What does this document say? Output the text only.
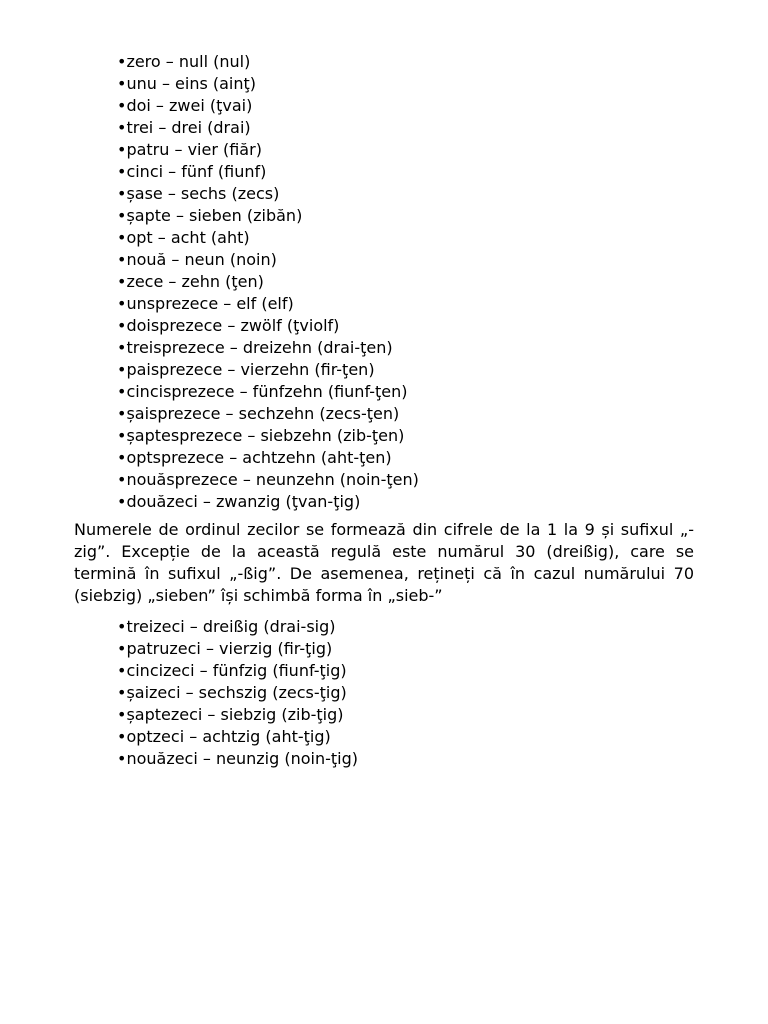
•zero – null (nul)
•unu – eins (ainţ)
•doi – zwei (ţvai)
•trei – drei (drai)
•patru – vier (fiăr)
•cinci – fünf (fiunf)
•șase – sechs (zecs)
•șapte – sieben (zibăn)
•opt – acht (aht)
•nouă – neun (noin)
•zece – zehn (ţen)
•unsprezece – elf (elf)
•doisprezece – zwölf (ţviolf)
•treisprezece – dreizehn (drai-ţen)
•paisprezece – vierzehn (fir-ţen)
•cincisprezece – fünfzehn (fiunf-ţen)
•șaisprezece – sechzehn (zecs-ţen)
•șaptesprezece – siebzehn (zib-ţen)
•optsprezece – achtzehn (aht-ţen)
•nouăsprezece – neunzehn (noin-ţen)
•douăzeci – zwanzig (ţvan-ţig)

Numerele de ordinul zecilor se formează din cifrele de la 1 la 9 și sufixul „-zig”. Excepție de la această regulă este numărul 30 (dreißig), care se termină în sufixul „-ßig”. De asemenea, rețineți că în cazul numărului 70 (siebzig) „sieben” își schimbă forma în „sieb-”

•treizeci – dreißig (drai-sig)
•patruzeci – vierzig (fir-ţig)
•cincizeci – fünfzig (fiunf-ţig)
•șaizeci – sechszig (zecs-ţig)
•șaptezeci – siebzig (zib-ţig)
•optzeci – achtzig (aht-ţig)
•nouăzeci – neunzig (noin-ţig)
